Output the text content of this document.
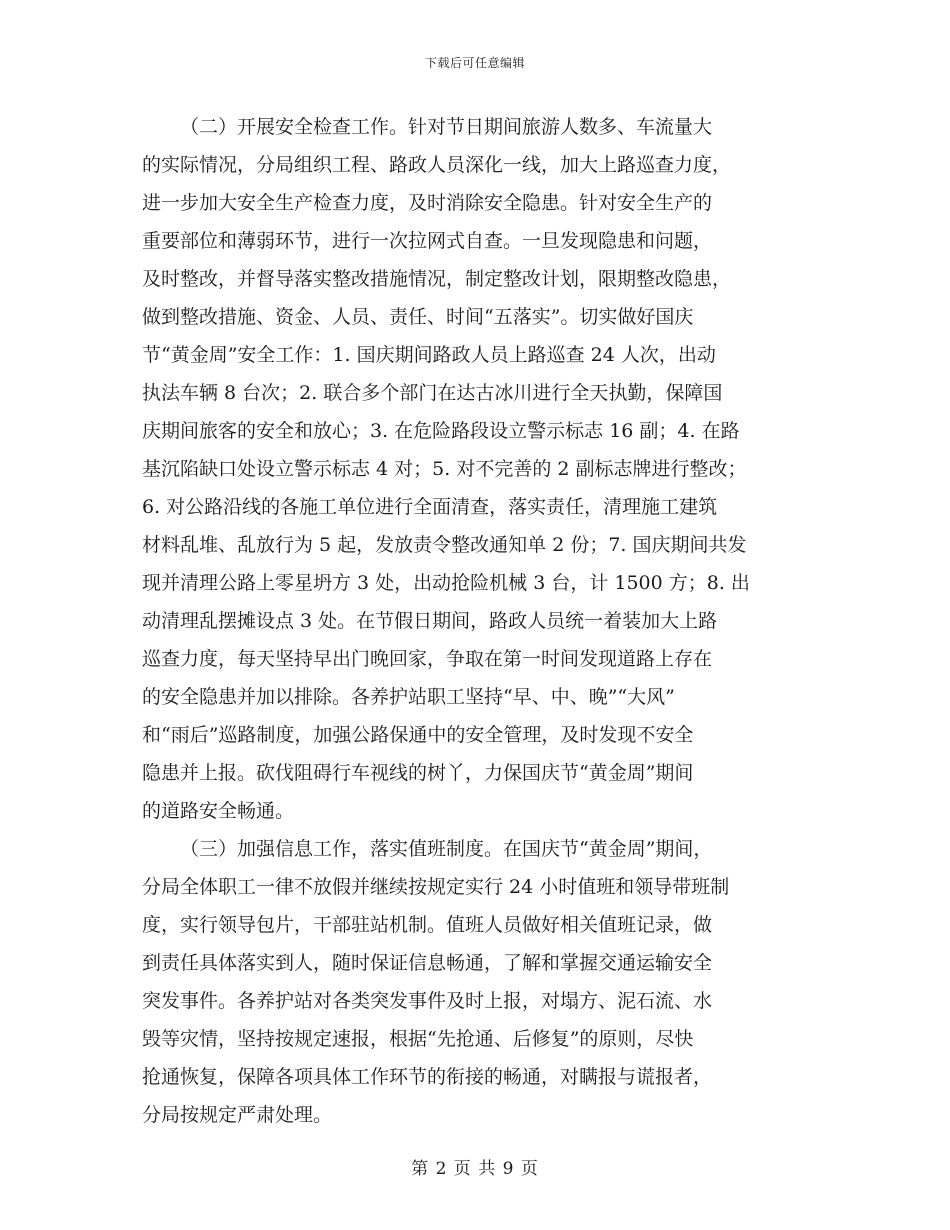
下载后可任意编辑
（二）开展安全检查工作。针对节日期间旅游人数多、车流量大
的实际情况，分局组织工程、路政人员深化一线，加大上路巡查力度，
进一步加大安全生产检查力度，及时消除安全隐患。针对安全生产的
重要部位和薄弱环节，进行一次拉网式自查。一旦发现隐患和问题，
及时整改，并督导落实整改措施情况，制定整改计划，限期整改隐患，
做到整改措施、资金、人员、责任、时间“五落实”。切实做好国庆
节“黄金周”安全工作：1. 国庆期间路政人员上路巡查 24 人次，出动
执法车辆 8 台次；2. 联合多个部门在达古冰川进行全天执勤，保障国
庆期间旅客的安全和放心；3. 在危险路段设立警示标志 16 副；4. 在路
基沉陷缺口处设立警示标志 4 对；5. 对不完善的 2 副标志牌进行整改；
6. 对公路沿线的各施工单位进行全面清查，落实责任，清理施工建筑
材料乱堆、乱放行为 5 起，发放责令整改通知单 2 份；7. 国庆期间共发
现并清理公路上零星坍方 3 处，出动抢险机械 3 台，计 1500 方；8. 出
动清理乱摆摊设点 3 处。在节假日期间，路政人员统一着装加大上路
巡查力度，每天坚持早出门晚回家，争取在第一时间发现道路上存在
的安全隐患并加以排除。各养护站职工坚持“早、中、晚”“大风”
和“雨后”巡路制度，加强公路保通中的安全管理，及时发现不安全
隐患并上报。砍伐阻碍行车视线的树丫，力保国庆节“黄金周”期间
的道路安全畅通。
（三）加强信息工作，落实值班制度。在国庆节“黄金周”期间，
分局全体职工一律不放假并继续按规定实行 24 小时值班和领导带班制
度，实行领导包片，干部驻站机制。值班人员做好相关值班记录，做
到责任具体落实到人，随时保证信息畅通，了解和掌握交通运输安全
突发事件。各养护站对各类突发事件及时上报，对塌方、泥石流、水
毁等灾情，坚持按规定速报，根据“先抢通、后修复”的原则，尽快
抢通恢复，保障各项具体工作环节的衔接的畅通，对瞒报与谎报者，
分局按规定严肃处理。
第 2 页 共 9 页
